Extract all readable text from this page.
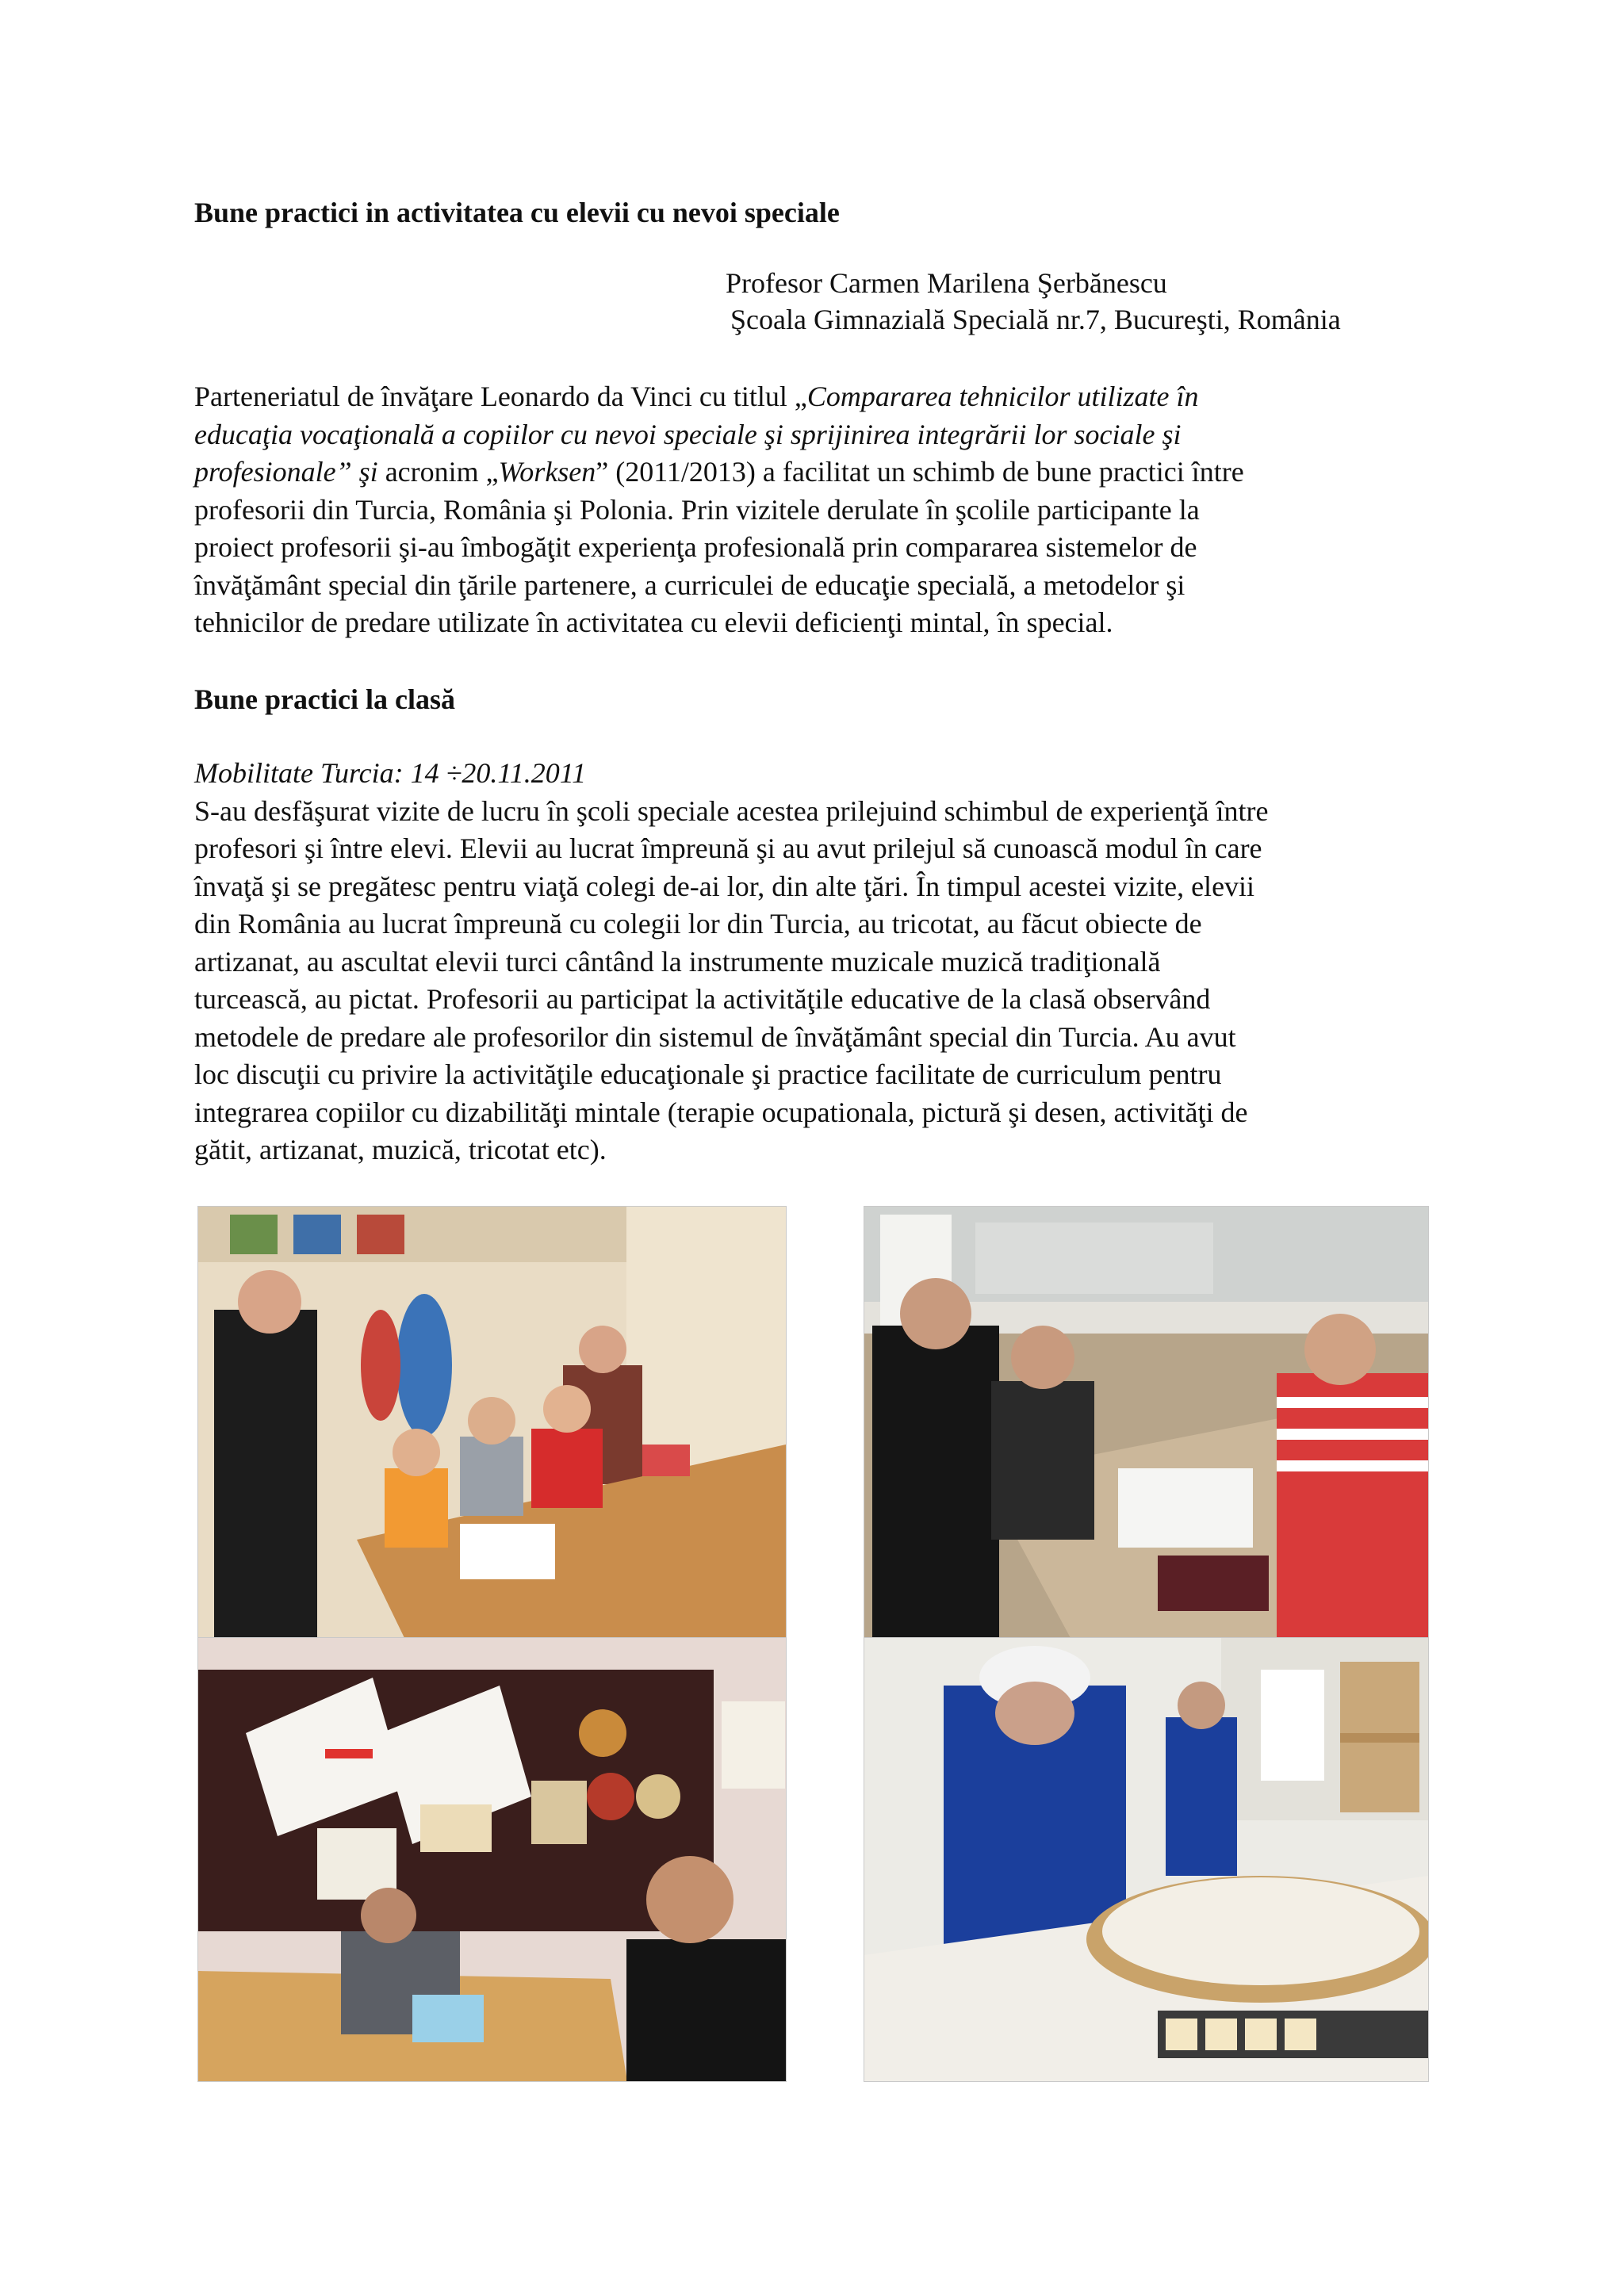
Bune practici in activitatea cu elevii cu nevoi speciale
Profesor Carmen Marilena Şerbănescu
Şcoala Gimnazială Specială nr.7, Bucureşti, România
Parteneriatul de învăţare Leonardo da Vinci cu titlul „Compararea tehnicilor utilizate în
educaţia vocaţională a copiilor cu nevoi speciale şi sprijinirea integrării lor sociale şi
profesionale” şi acronim „Worksen” (2011/2013) a facilitat un schimb de bune practici între
profesorii din Turcia, România şi Polonia. Prin vizitele derulate în şcolile participante la
proiect profesorii şi-au îmbogăţit experienţa profesională prin compararea sistemelor de
învăţământ special din ţările partenere, a curriculei de educaţie specială, a metodelor şi
tehnicilor de predare utilizate în activitatea cu elevii deficienţi mintal, în special.
Bune practici la clasă
Mobilitate Turcia: 14 ÷20.11.2011
S-au desfăşurat vizite de lucru în şcoli speciale acestea prilejuind schimbul de experienţă între
profesori şi între elevi. Elevii au lucrat împreună şi au avut prilejul să cunoască modul în care
învaţă şi se pregătesc pentru viaţă colegi de-ai lor, din alte ţări. În timpul acestei vizite, elevii
din România au lucrat împreună cu colegii lor din Turcia, au tricotat, au făcut obiecte de
artizanat, au ascultat elevii turci cântând la instrumente muzicale muzică tradiţională
turcească, au pictat. Profesorii au participat la activităţile educative de la clasă observând
metodele de predare ale profesorilor din sistemul de învăţământ special din Turcia. Au avut
loc discuţii cu privire la activităţile educaţionale şi practice facilitate de curriculum pentru
integrarea copiilor cu dizabilităţi mintale (terapie ocupationala, pictură şi desen, activităţi de
gătit, artizanat, muzică, tricotat etc).
